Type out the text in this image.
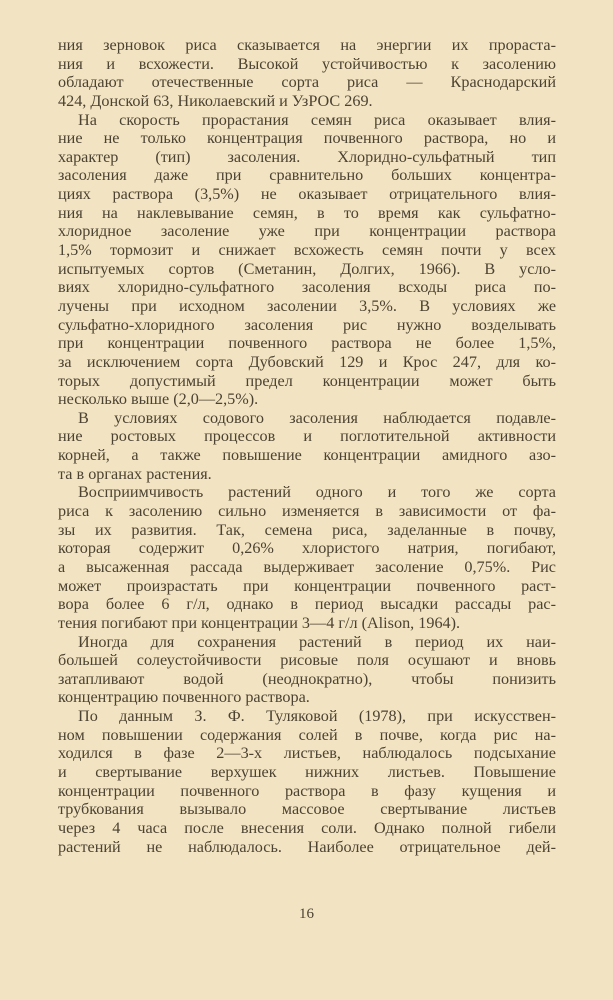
ния зерновок риса сказывается на энергии их прораста-
ния и всхожести. Высокой устойчивостью к засолению
обладают отечественные сорта риса — Краснодарский
424, Донской 63, Николаевский и УзРОС 269.
На скорость прорастания семян риса оказывает влия-
ние не только концентрация почвенного раствора, но и
характер (тип) засоления. Хлоридно-сульфатный тип
засоления даже при сравнительно больших концентра-
циях раствора (3,5%) не оказывает отрицательного влия-
ния на наклевывание семян, в то время как сульфатно-
хлоридное засоление уже при концентрации раствора
1,5% тормозит и снижает всхожесть семян почти у всех
испытуемых сортов (Сметанин, Долгих, 1966). В усло-
виях хлоридно-сульфатного засоления всходы риса по-
лучены при исходном засолении 3,5%. В условиях же
сульфатно-хлоридного засоления рис нужно возделывать
при концентрации почвенного раствора не более 1,5%,
за исключением сорта Дубовский 129 и Крос 247, для ко-
торых допустимый предел концентрации может быть
несколько выше (2,0—2,5%).
В условиях содового засоления наблюдается подавле-
ние ростовых процессов и поглотительной активности
корней, а также повышение концентрации амидного азо-
та в органах растения.
Восприимчивость растений одного и того же сорта
риса к засолению сильно изменяется в зависимости от фа-
зы их развития. Так, семена риса, заделанные в почву,
которая содержит 0,26% хлористого натрия, погибают,
а высаженная рассада выдерживает засоление 0,75%. Рис
может произрастать при концентрации почвенного раст-
вора более 6 г/л, однако в период высадки рассады рас-
тения погибают при концентрации 3—4 г/л (Alison, 1964).
Иногда для сохранения растений в период их наи-
большей солеустойчивости рисовые поля осушают и вновь
затапливают водой (неоднократно), чтобы понизить
концентрацию почвенного раствора.
По данным З. Ф. Туляковой (1978), при искусствен-
ном повышении содержания солей в почве, когда рис на-
ходился в фазе 2—3-х листьев, наблюдалось подсыхание
и свертывание верхушек нижних листьев. Повышение
концентрации почвенного раствора в фазу кущения и
трубкования вызывало массовое свертывание листьев
через 4 часа после внесения соли. Однако полной гибели
растений не наблюдалось. Наиболее отрицательное дей-
16
